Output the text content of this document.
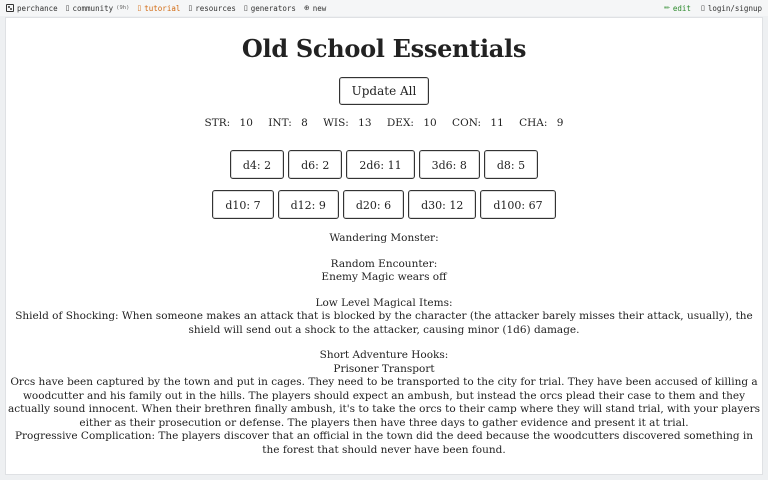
perchance ▯ community (9h) ▯ tutorial ▯ resources ▯ generators ⊕ new	✏ edit ▯ login/signup
Old School Essentials
Update All
STR: 10 INT: 8 WIS: 13 DEX: 10 CON: 11 CHA: 9
d4: 2	d6: 2	2d6: 11	3d6: 8	d8: 5
d10: 7	d12: 9	d20: 6	d30: 12	d100: 67
Wandering Monster:
Random Encounter:
Enemy Magic wears off
Low Level Magical Items:
Shield of Shocking: When someone makes an attack that is blocked by the character (the attacker barely misses their attack, usually), the shield will send out a shock to the attacker, causing minor (1d6) damage.
Short Adventure Hooks:
Prisoner Transport
Orcs have been captured by the town and put in cages. They need to be transported to the city for trial. They have been accused of killing a woodcutter and his family out in the hills. The players should expect an ambush, but instead the orcs plead their case to them and they actually sound innocent. When their brethren finally ambush, it's to take the orcs to their camp where they will stand trial, with your players either as their prosecution or defense. The players then have three days to gather evidence and present it at trial.
Progressive Complication: The players discover that an official in the town did the deed because the woodcutters discovered something in the forest that should never have been found.
